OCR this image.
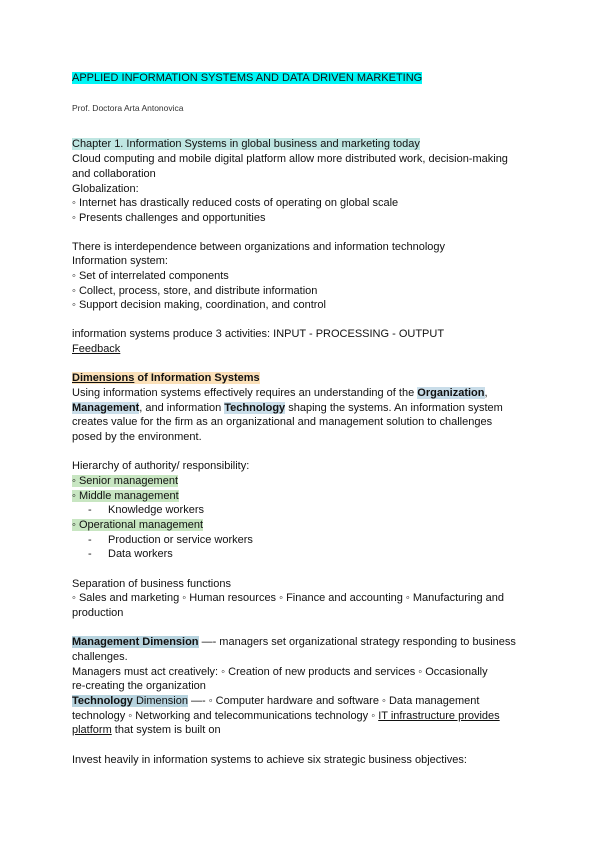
APPLIED INFORMATION SYSTEMS AND DATA DRIVEN MARKETING
Prof. Doctora Arta Antonovica
Chapter 1. Information Systems in global business and marketing today
Cloud computing and mobile digital platform allow more distributed work, decision-making
and collaboration
Globalization:
◦ Internet has drastically reduced costs of operating on global scale
◦ Presents challenges and opportunities
There is interdependence between organizations and information technology
Information system:
◦ Set of interrelated components
◦ Collect, process, store, and distribute information
◦ Support decision making, coordination, and control
information systems produce 3 activities: INPUT - PROCESSING - OUTPUT
Feedback
Dimensions of Information Systems
Using information systems effectively requires an understanding of the Organization,
Management, and information Technology shaping the systems. An information system
creates value for the firm as an organizational and management solution to challenges
posed by the environment.
Hierarchy of authority/ responsibility:
◦ Senior management
◦ Middle management
- Knowledge workers
◦ Operational management
- Production or service workers
- Data workers
Separation of business functions
◦ Sales and marketing ◦ Human resources ◦ Finance and accounting ◦ Manufacturing and
production
Management Dimension —- managers set organizational strategy responding to business
challenges.
Managers must act creatively: ◦ Creation of new products and services ◦ Occasionally
re-creating the organization
Technology Dimension —- ◦ Computer hardware and software ◦ Data management
technology ◦ Networking and telecommunications technology ◦ IT infrastructure provides
platform that system is built on
Invest heavily in information systems to achieve six strategic business objectives:
